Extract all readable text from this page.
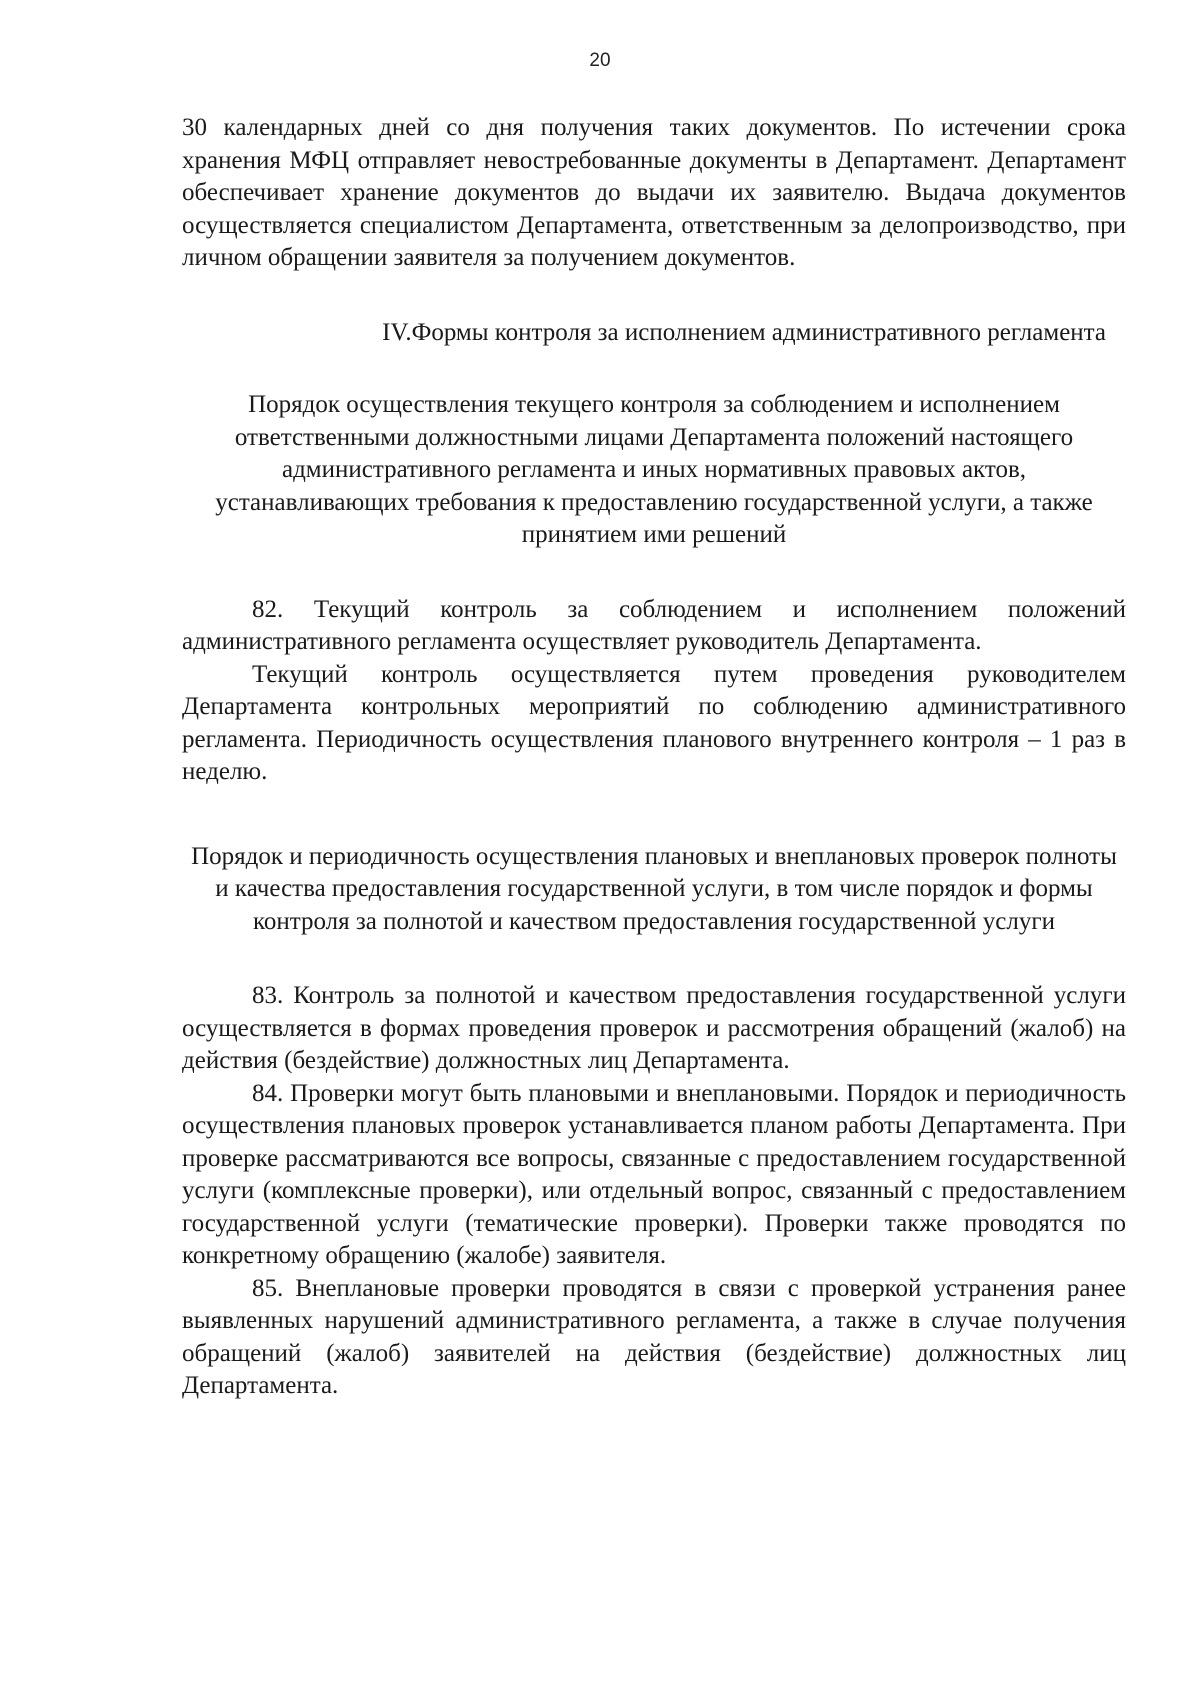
20

30 календарных дней со дня получения таких документов. По истечении срока хранения МФЦ отправляет невостребованные документы в Департамент. Департамент обеспечивает хранение документов до выдачи их заявителю. Выдача документов осуществляется специалистом Департамента, ответственным за делопроизводство, при личном обращении заявителя за получением документов.

IV.Формы контроля за исполнением административного регламента

Порядок осуществления текущего контроля за соблюдением и исполнением ответственными должностными лицами Департамента положений настоящего административного регламента и иных нормативных правовых актов, устанавливающих требования к предоставлению государственной услуги, а также принятием ими решений

82. Текущий контроль за соблюдением и исполнением положений административного регламента осуществляет руководитель Департамента.

Текущий контроль осуществляется путем проведения руководителем Департамента контрольных мероприятий по соблюдению административного регламента. Периодичность осуществления планового внутреннего контроля – 1 раз в неделю.

Порядок и периодичность осуществления плановых и внеплановых проверок полноты и качества предоставления государственной услуги, в том числе порядок и формы контроля за полнотой и качеством предоставления государственной услуги

83. Контроль за полнотой и качеством предоставления государственной услуги осуществляется в формах проведения проверок и рассмотрения обращений (жалоб) на действия (бездействие) должностных лиц Департамента.

84. Проверки могут быть плановыми и внеплановыми. Порядок и периодичность осуществления плановых проверок устанавливается планом работы Департамента. При проверке рассматриваются все вопросы, связанные с предоставлением государственной услуги (комплексные проверки), или отдельный вопрос, связанный с предоставлением государственной услуги (тематические проверки). Проверки также проводятся по конкретному обращению (жалобе) заявителя.

85. Внеплановые проверки проводятся в связи с проверкой устранения ранее выявленных нарушений административного регламента, а также в случае получения обращений (жалоб) заявителей на действия (бездействие) должностных лиц Департамента.
